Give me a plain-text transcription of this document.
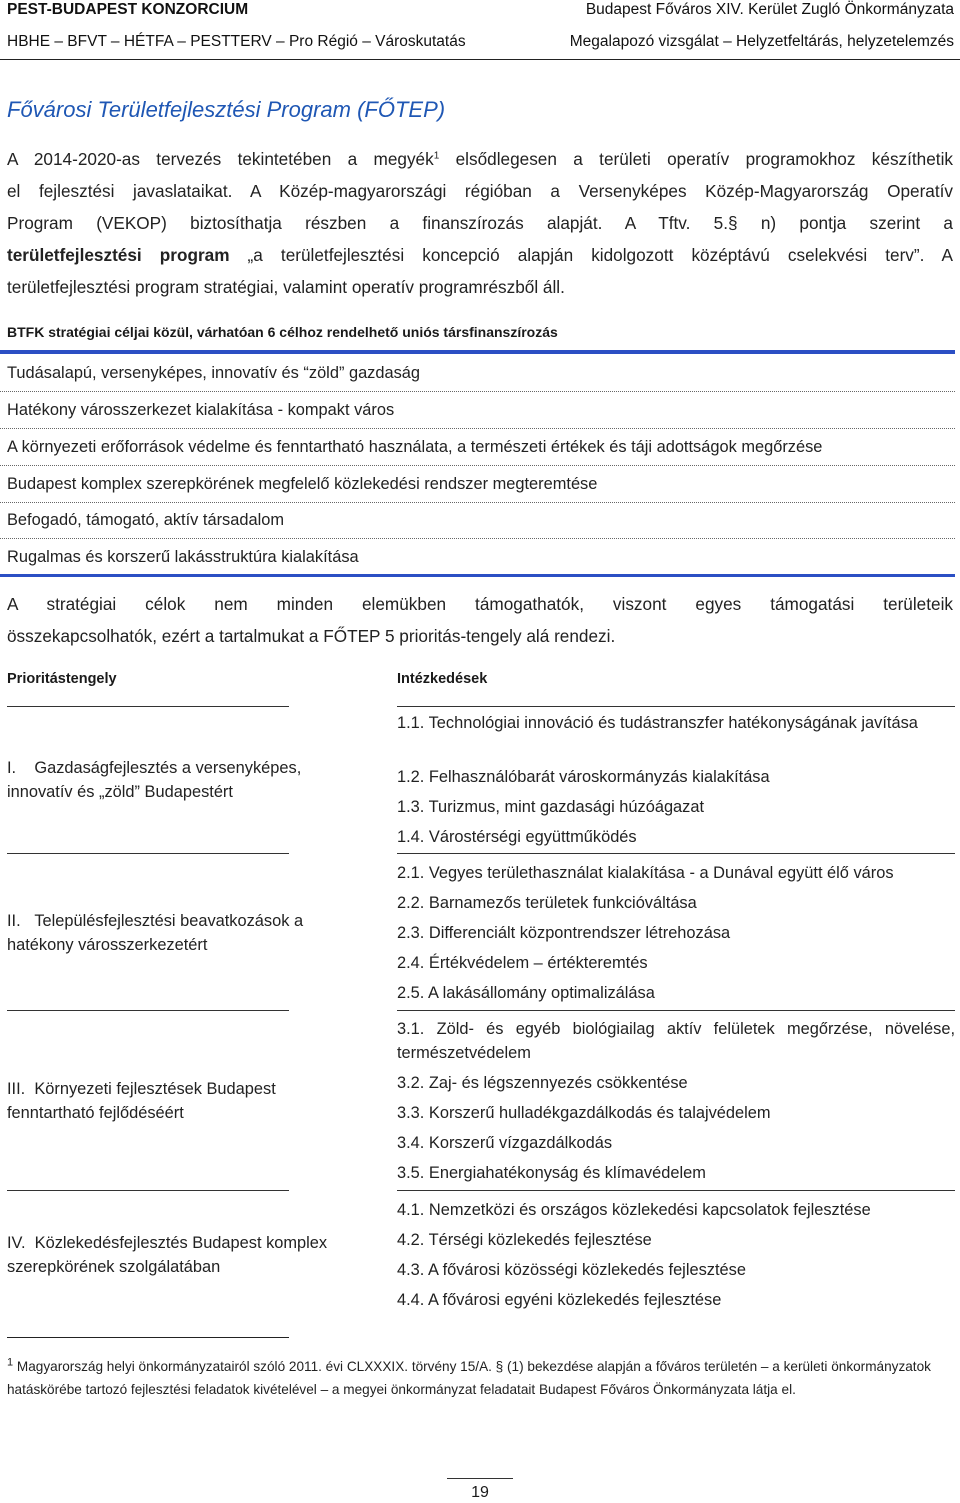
PEST-BUDAPEST KONZORCIUM
HBHE – BFVT – HÉTFA – PESTTERV – Pro Régió – Városkutatás
Budapest Főváros XIV. Kerület Zugló Önkormányzata
Megalapozó vizsgálat – Helyzetfeltárás, helyzetelemzés
Fővárosi Területfejlesztési Program (FŐTEP)
A 2014-2020-as tervezés tekintetében a megyék$^1$ elsődlegesen a területi operatív programokhoz készíthetik
el fejlesztési javaslataikat. A Közép-magyarországi régióban a Versenyképes Közép-Magyarország Operatív
Program (VEKOP) biztosíthatja részben a finanszírozás alapját. A Tftv. 5.§ n) pontja szerint a
területfejlesztési program „a területfejlesztési koncepció alapján kidolgozott középtávú cselekvési terv”. A
területfejlesztési program stratégiai, valamint operatív programrészből áll.
BTFK stratégiai céljai közül, várhatóan 6 célhoz rendelhető uniós társfinanszírozás
Tudásalapú, versenyképes, innovatív és “zöld” gazdaság
Hatékony városszerkezet kialakítása - kompakt város
A környezeti erőforrások védelme és fenntartható használata, a természeti értékek és táji adottságok megőrzése
Budapest komplex szerepkörének megfelelő közlekedési rendszer megteremtése
Befogadó, támogató, aktív társadalom
Rugalmas és korszerű lakásstruktúra kialakítása
A stratégiai célok nem minden elemükben támogathatók, viszont egyes támogatási területeik
összekapcsolhatók, ezért a tartalmukat a FŐTEP 5 prioritás-tengely alá rendezi.
Prioritástengely	Intézkedések
I.    Gazdaságfejlesztés a versenyképes, innovatív és „zöld” Budapestért
1.1. Technológiai innováció és tudástranszfer hatékonyságának javítása
1.2. Felhasználóbarát városkormányzás kialakítása
1.3. Turizmus, mint gazdasági húzóágazat
1.4. Várostérségi együttműködés
II.   Településfejlesztési beavatkozások a hatékony városszerkezetért
2.1. Vegyes területhasználat kialakítása - a Dunával együtt élő város
2.2. Barnamezős területek funkcióváltása
2.3. Differenciált központrendszer létrehozása
2.4. Értékvédelem – értékteremtés
2.5. A lakásállomány optimalizálása
III.  Környezeti fejlesztések Budapest fenntartható fejlődéséért
3.1. Zöld- és egyéb biológiailag aktív felületek megőrzése, növelése, természetvédelem
3.2. Zaj- és légszennyezés csökkentése
3.3. Korszerű hulladékgazdálkodás és talajvédelem
3.4. Korszerű vízgazdálkodás
3.5. Energiahatékonyság és klímavédelem
IV.  Közlekedésfejlesztés Budapest komplex szerepkörének szolgálatában
4.1. Nemzetközi és országos közlekedési kapcsolatok fejlesztése
4.2. Térségi közlekedés fejlesztése
4.3. A fővárosi közösségi közlekedés fejlesztése
4.4. A fővárosi egyéni közlekedés fejlesztése
$^1$ Magyarország helyi önkormányzatairól szóló 2011. évi CLXXXIX. törvény 15/A. § (1) bekezdése alapján a főváros területén – a kerületi önkormányzatok hatáskörébe tartozó fejlesztési feladatok kivételével – a megyei önkormányzat feladatait Budapest Főváros Önkormányzata látja el.
19
